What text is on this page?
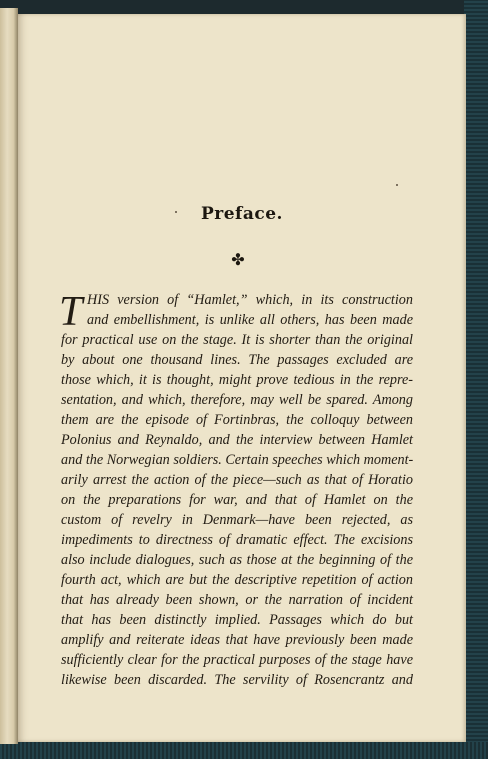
Preface.
✤
T HIS version of “Hamlet,” which, in its construction
and embellishment, is unlike all others, has been made
for practical use on the stage. It is shorter than the original
by about one thousand lines. The passages excluded are
those which, it is thought, might prove tedious in the repre-
sentation, and which, therefore, may well be spared. Among
them are the episode of Fortinbras, the colloquy between
Polonius and Reynaldo, and the interview between Hamlet
and the Norwegian soldiers. Certain speeches which moment-
arily arrest the action of the piece—such as that of Horatio
on the preparations for war, and that of Hamlet on the
custom of revelry in Denmark—have been rejected, as
impediments to directness of dramatic effect. The excisions
also include dialogues, such as those at the beginning of the
fourth act, which are but the descriptive repetition of action
that has already been shown, or the narration of incident
that has been distinctly implied. Passages which do but
amplify and reiterate ideas that have previously been made
sufficiently clear for the practical purposes of the stage have
likewise been discarded. The servility of Rosencrantz and
